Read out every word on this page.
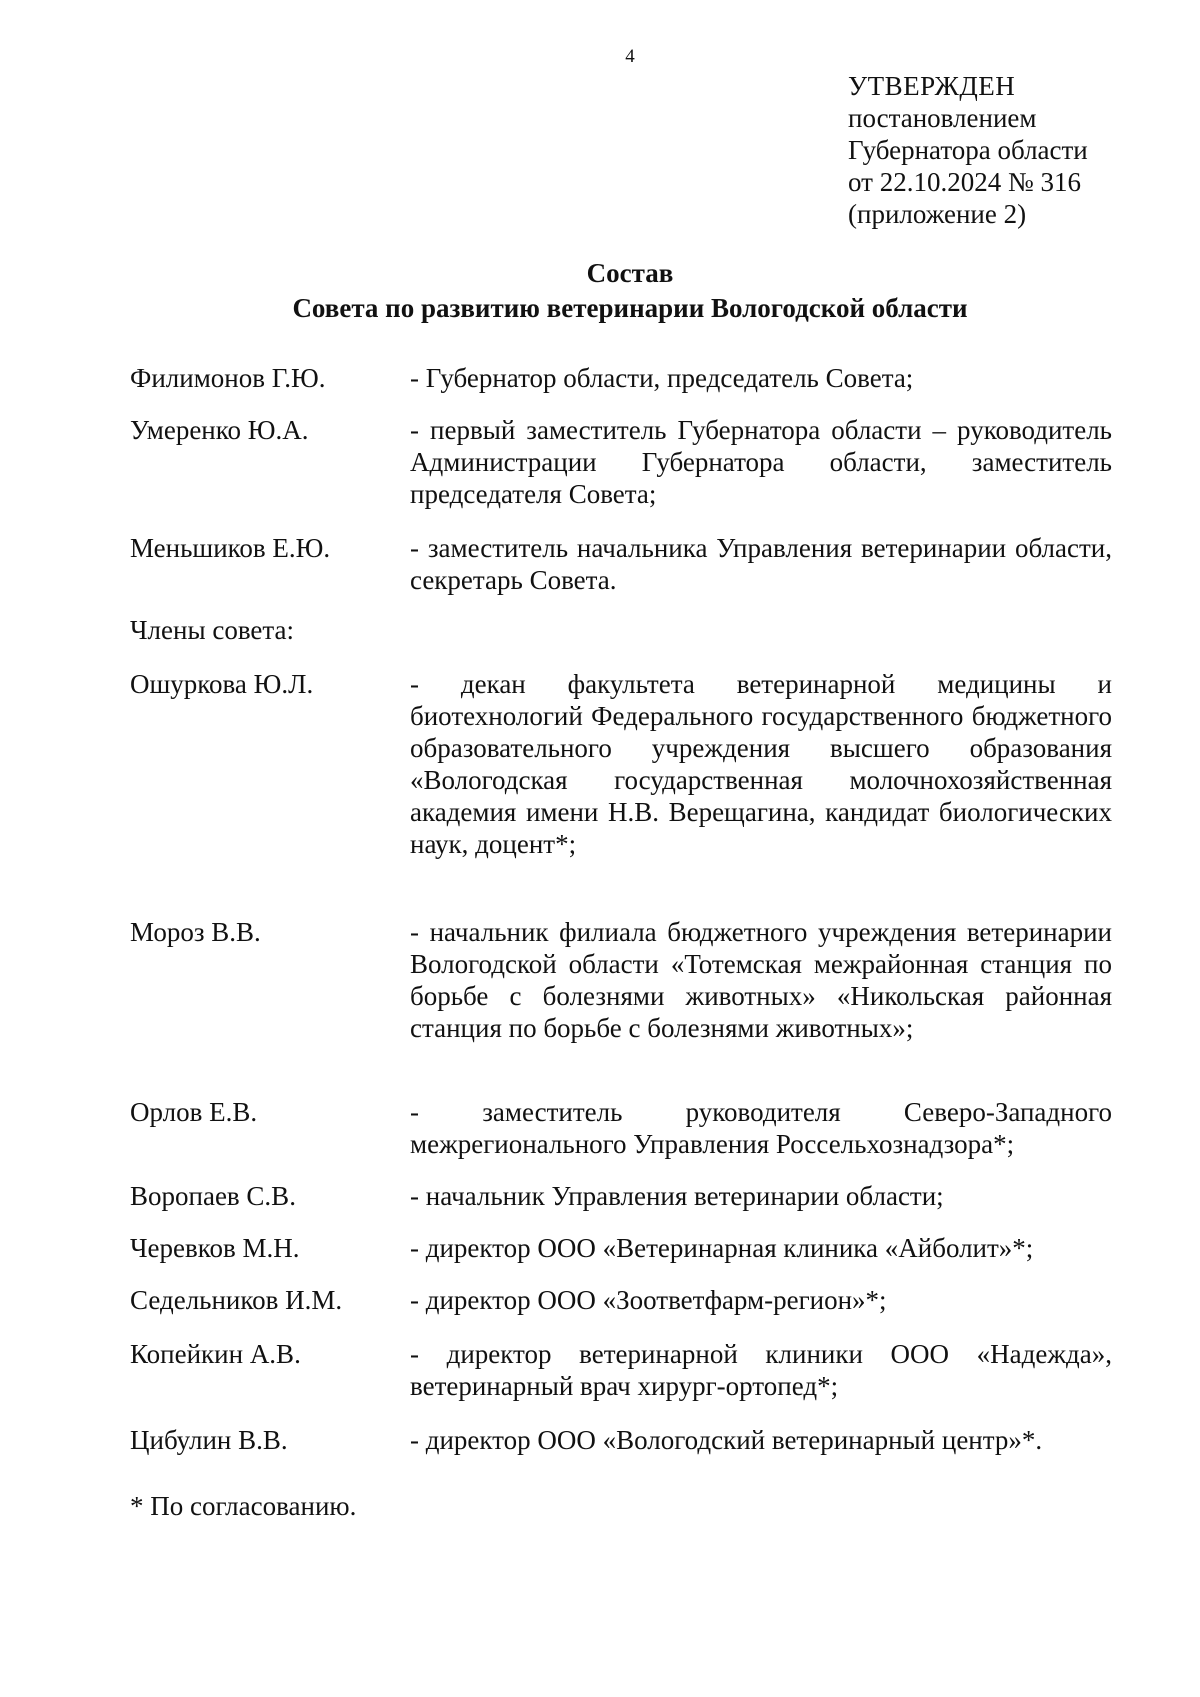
4
УТВЕРЖДЕН
постановлением
Губернатора области
от 22.10.2024 № 316
(приложение 2)
Состав
Совета по развитию ветеринарии Вологодской области
Филимонов Г.Ю.	- Губернатор области, председатель Совета;
Умеренко Ю.А.	- первый заместитель Губернатора области – руководитель Администрации Губернатора области, заместитель председателя Совета;
Меньшиков Е.Ю.	- заместитель начальника Управления ветеринарии области, секретарь Совета.
Члены совета:
Ошуркова Ю.Л.	- декан факультета ветеринарной медицины и биотехнологий Федерального государственного бюджетного образовательного учреждения высшего образования «Вологодская государственная молочнохозяйственная академия имени Н.В. Верещагина, кандидат биологических наук, доцент*;
Мороз В.В.	- начальник филиала бюджетного учреждения ветеринарии Вологодской области «Тотемская межрайонная станция по борьбе с болезнями животных» «Никольская районная станция по борьбе с болезнями животных»;
Орлов Е.В.	- заместитель руководителя Северо-Западного межрегионального Управления Россельхознадзора*;
Воропаев С.В.	- начальник Управления ветеринарии области;
Черевков М.Н.	- директор ООО «Ветеринарная клиника «Айболит»*;
Седельников И.М.	- директор ООО «Зоответфарм-регион»*;
Копейкин А.В.	- директор ветеринарной клиники ООО «Надежда», ветеринарный врач хирург-ортопед*;
Цибулин В.В.	- директор ООО «Вологодский ветеринарный центр»*.
* По согласованию.
